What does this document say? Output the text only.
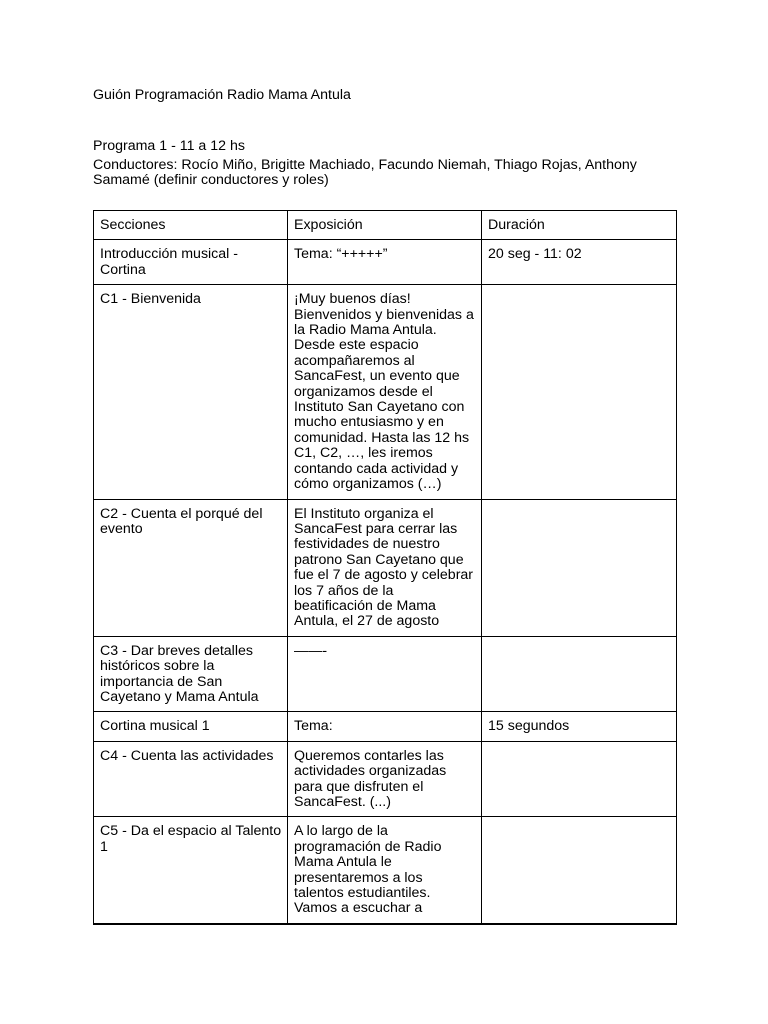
Guión Programación Radio Mama Antula
Programa 1 - 11 a 12 hs
Conductores: Rocío Miño, Brigitte Machiado, Facundo Niemah, Thiago Rojas, Anthony Samamé (definir conductores y roles)
Secciones	Exposición	Duración
Introducción musical - Cortina	Tema: “+++++”	20 seg - 11: 02
C1 - Bienvenida	¡Muy buenos días! Bienvenidos y bienvenidas a la Radio Mama Antula. Desde este espacio acompañaremos al SancaFest, un evento que organizamos desde el Instituto San Cayetano con mucho entusiasmo y en comunidad. Hasta las 12 hs C1, C2, …, les iremos contando cada actividad y cómo organizamos (…)	
C2 - Cuenta el porqué del evento	El Instituto organiza el SancaFest para cerrar las festividades de nuestro patrono San Cayetano que fue el 7 de agosto y celebrar los 7 años de la beatificación de Mama Antula, el 27 de agosto	
C3 - Dar breves detalles históricos sobre la importancia de San Cayetano y Mama Antula	——-	
Cortina musical 1	Tema:	15 segundos
C4 - Cuenta las actividades	Queremos contarles las actividades organizadas para que disfruten el SancaFest. (...)	
C5 - Da el espacio al Talento 1	A lo largo de la programación de Radio Mama Antula le presentaremos a los talentos estudiantiles. Vamos a escuchar a	
